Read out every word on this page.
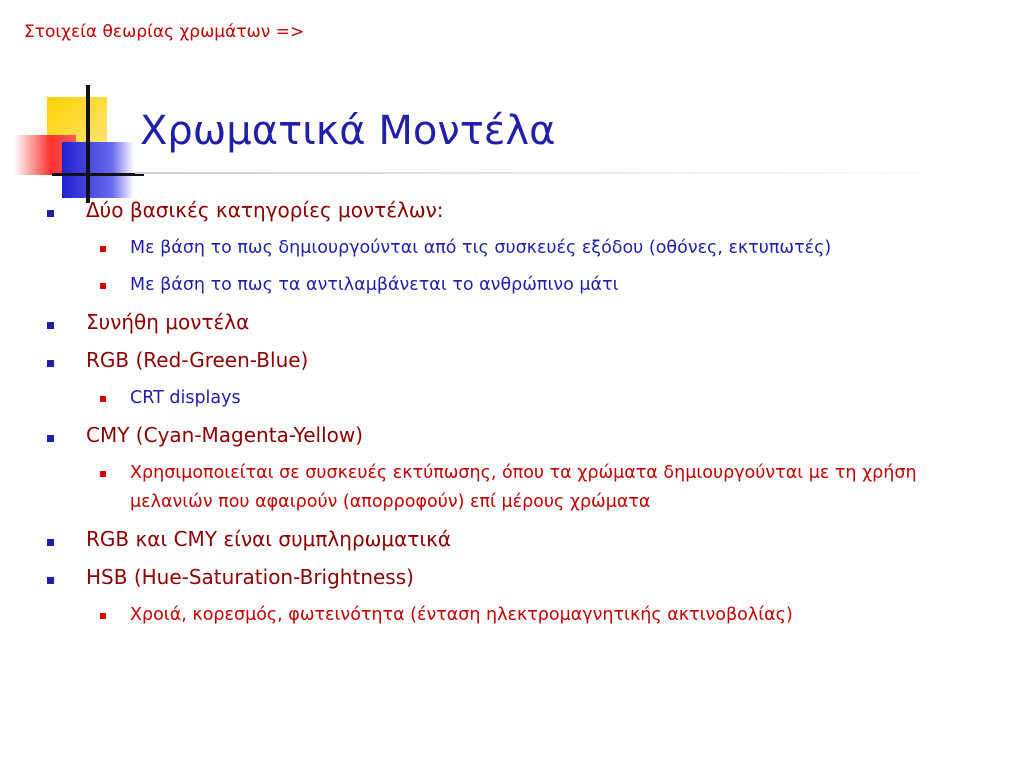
Στοιχεία θεωρίας χρωμάτων =>
Χρωματικά Μοντέλα
Δύο βασικές κατηγορίες μοντέλων:
Με βάση το πως δημιουργούνται από τις συσκευές εξόδου (οθόνες, εκτυπωτές)
Με βάση το πως τα αντιλαμβάνεται το ανθρώπινο μάτι
Συνήθη μοντέλα
RGB (Red-Green-Blue)
CRT displays
CMY (Cyan-Magenta-Yellow)
Χρησιμοποιείται σε συσκευές εκτύπωσης, όπου τα χρώματα δημιουργούνται με τη χρήση μελανιών που αφαιρούν (απορροφούν) επί μέρους χρώματα
RGB και CMY είναι συμπληρωματικά
HSB (Hue-Saturation-Brightness)
Χροιά, κορεσμός, φωτεινότητα (ένταση ηλεκτρομαγνητικής ακτινοβολίας)
